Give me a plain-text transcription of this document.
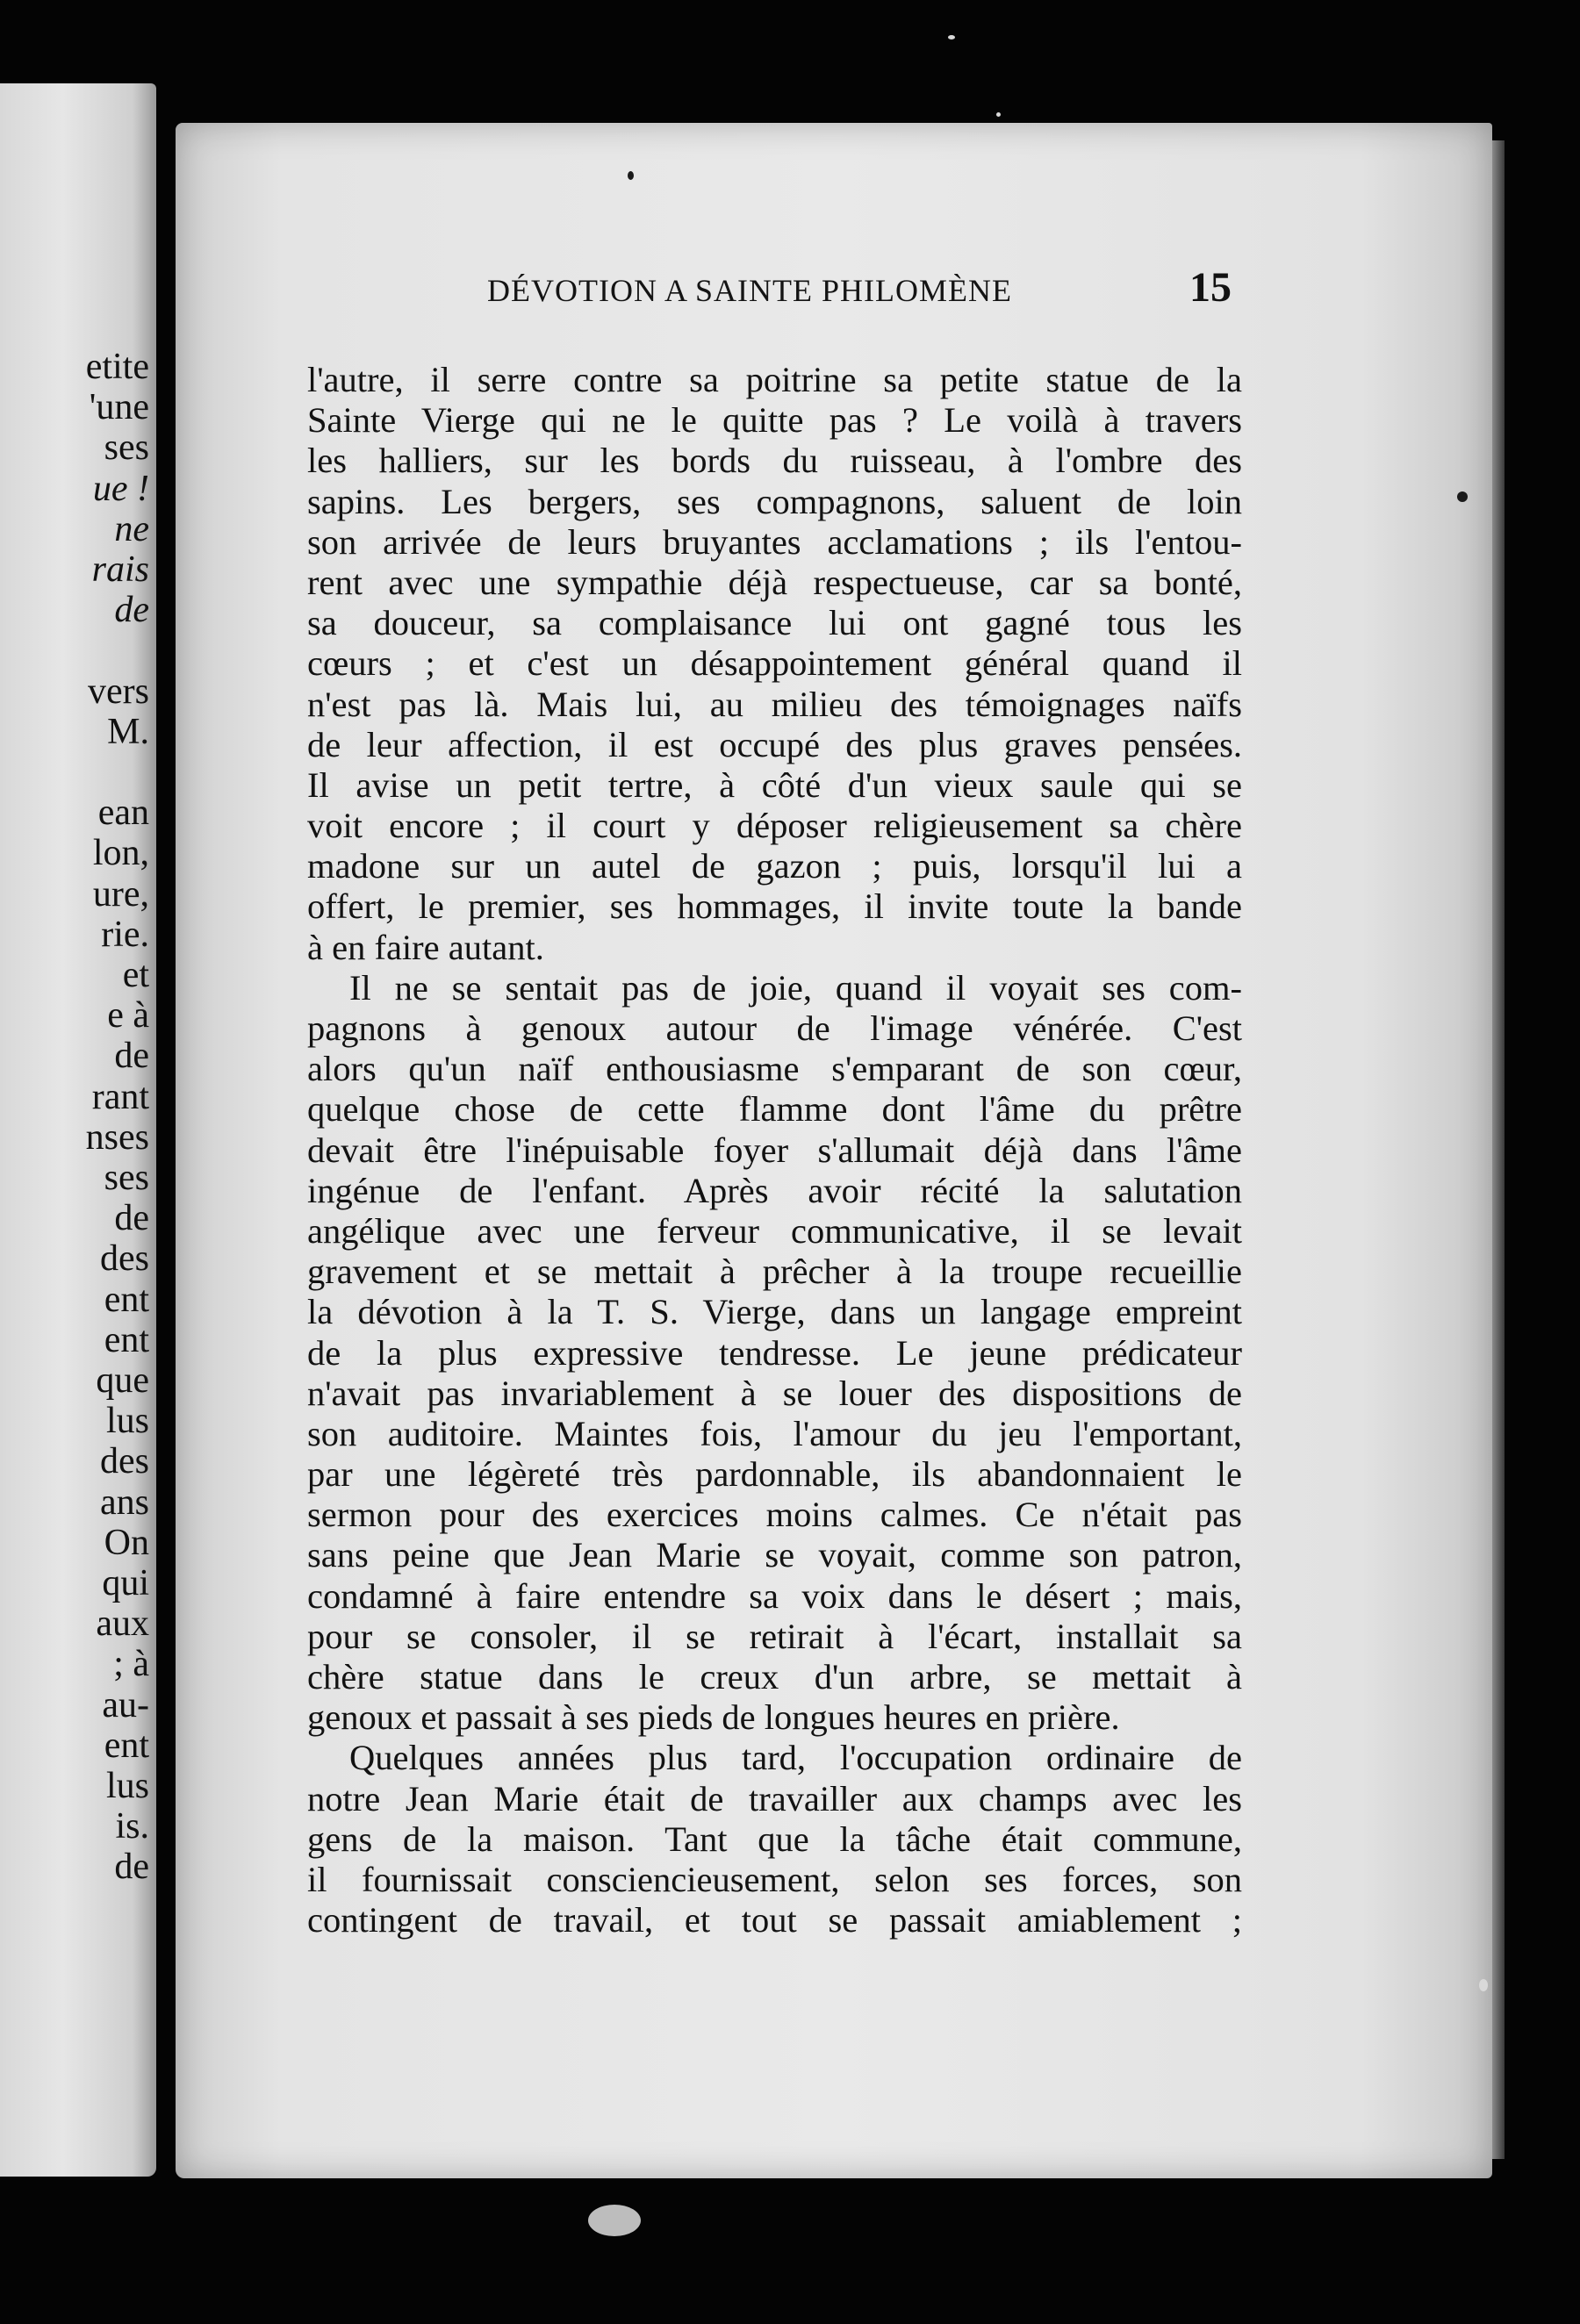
etite
'une
ses
ue !
ne
rais
de
vers
M.
ean
lon,
ure,
rie.
et
e à
de
rant
nses
ses
de
des
ent
ent
que
lus
des
ans
On
qui
aux
; à
au-
ent
lus
is.
de
DÉVOTION A SAINTE PHILOMÈNE	15
l'autre, il serre contre sa poitrine sa petite statue de la
Sainte Vierge qui ne le quitte pas ? Le voilà à travers
les halliers, sur les bords du ruisseau, à l'ombre des
sapins. Les bergers, ses compagnons, saluent de loin
son arrivée de leurs bruyantes acclamations ; ils l'entou-
rent avec une sympathie déjà respectueuse, car sa bonté,
sa douceur, sa complaisance lui ont gagné tous les
cœurs ; et c'est un désappointement général quand il
n'est pas là. Mais lui, au milieu des témoignages naïfs
de leur affection, il est occupé des plus graves pensées.
Il avise un petit tertre, à côté d'un vieux saule qui se
voit encore ; il court y déposer religieusement sa chère
madone sur un autel de gazon ; puis, lorsqu'il lui a
offert, le premier, ses hommages, il invite toute la bande
à en faire autant.
Il ne se sentait pas de joie, quand il voyait ses com-
pagnons à genoux autour de l'image vénérée. C'est
alors qu'un naïf enthousiasme s'emparant de son cœur,
quelque chose de cette flamme dont l'âme du prêtre
devait être l'inépuisable foyer s'allumait déjà dans l'âme
ingénue de l'enfant. Après avoir récité la salutation
angélique avec une ferveur communicative, il se levait
gravement et se mettait à prêcher à la troupe recueillie
la dévotion à la T. S. Vierge, dans un langage empreint
de la plus expressive tendresse. Le jeune prédicateur
n'avait pas invariablement à se louer des dispositions de
son auditoire. Maintes fois, l'amour du jeu l'emportant,
par une légèreté très pardonnable, ils abandonnaient le
sermon pour des exercices moins calmes. Ce n'était pas
sans peine que Jean Marie se voyait, comme son patron,
condamné à faire entendre sa voix dans le désert ; mais,
pour se consoler, il se retirait à l'écart, installait sa
chère statue dans le creux d'un arbre, se mettait à
genoux et passait à ses pieds de longues heures en prière.
Quelques années plus tard, l'occupation ordinaire de
notre Jean Marie était de travailler aux champs avec les
gens de la maison. Tant que la tâche était commune,
il fournissait consciencieusement, selon ses forces, son
contingent de travail, et tout se passait amiablement ;
